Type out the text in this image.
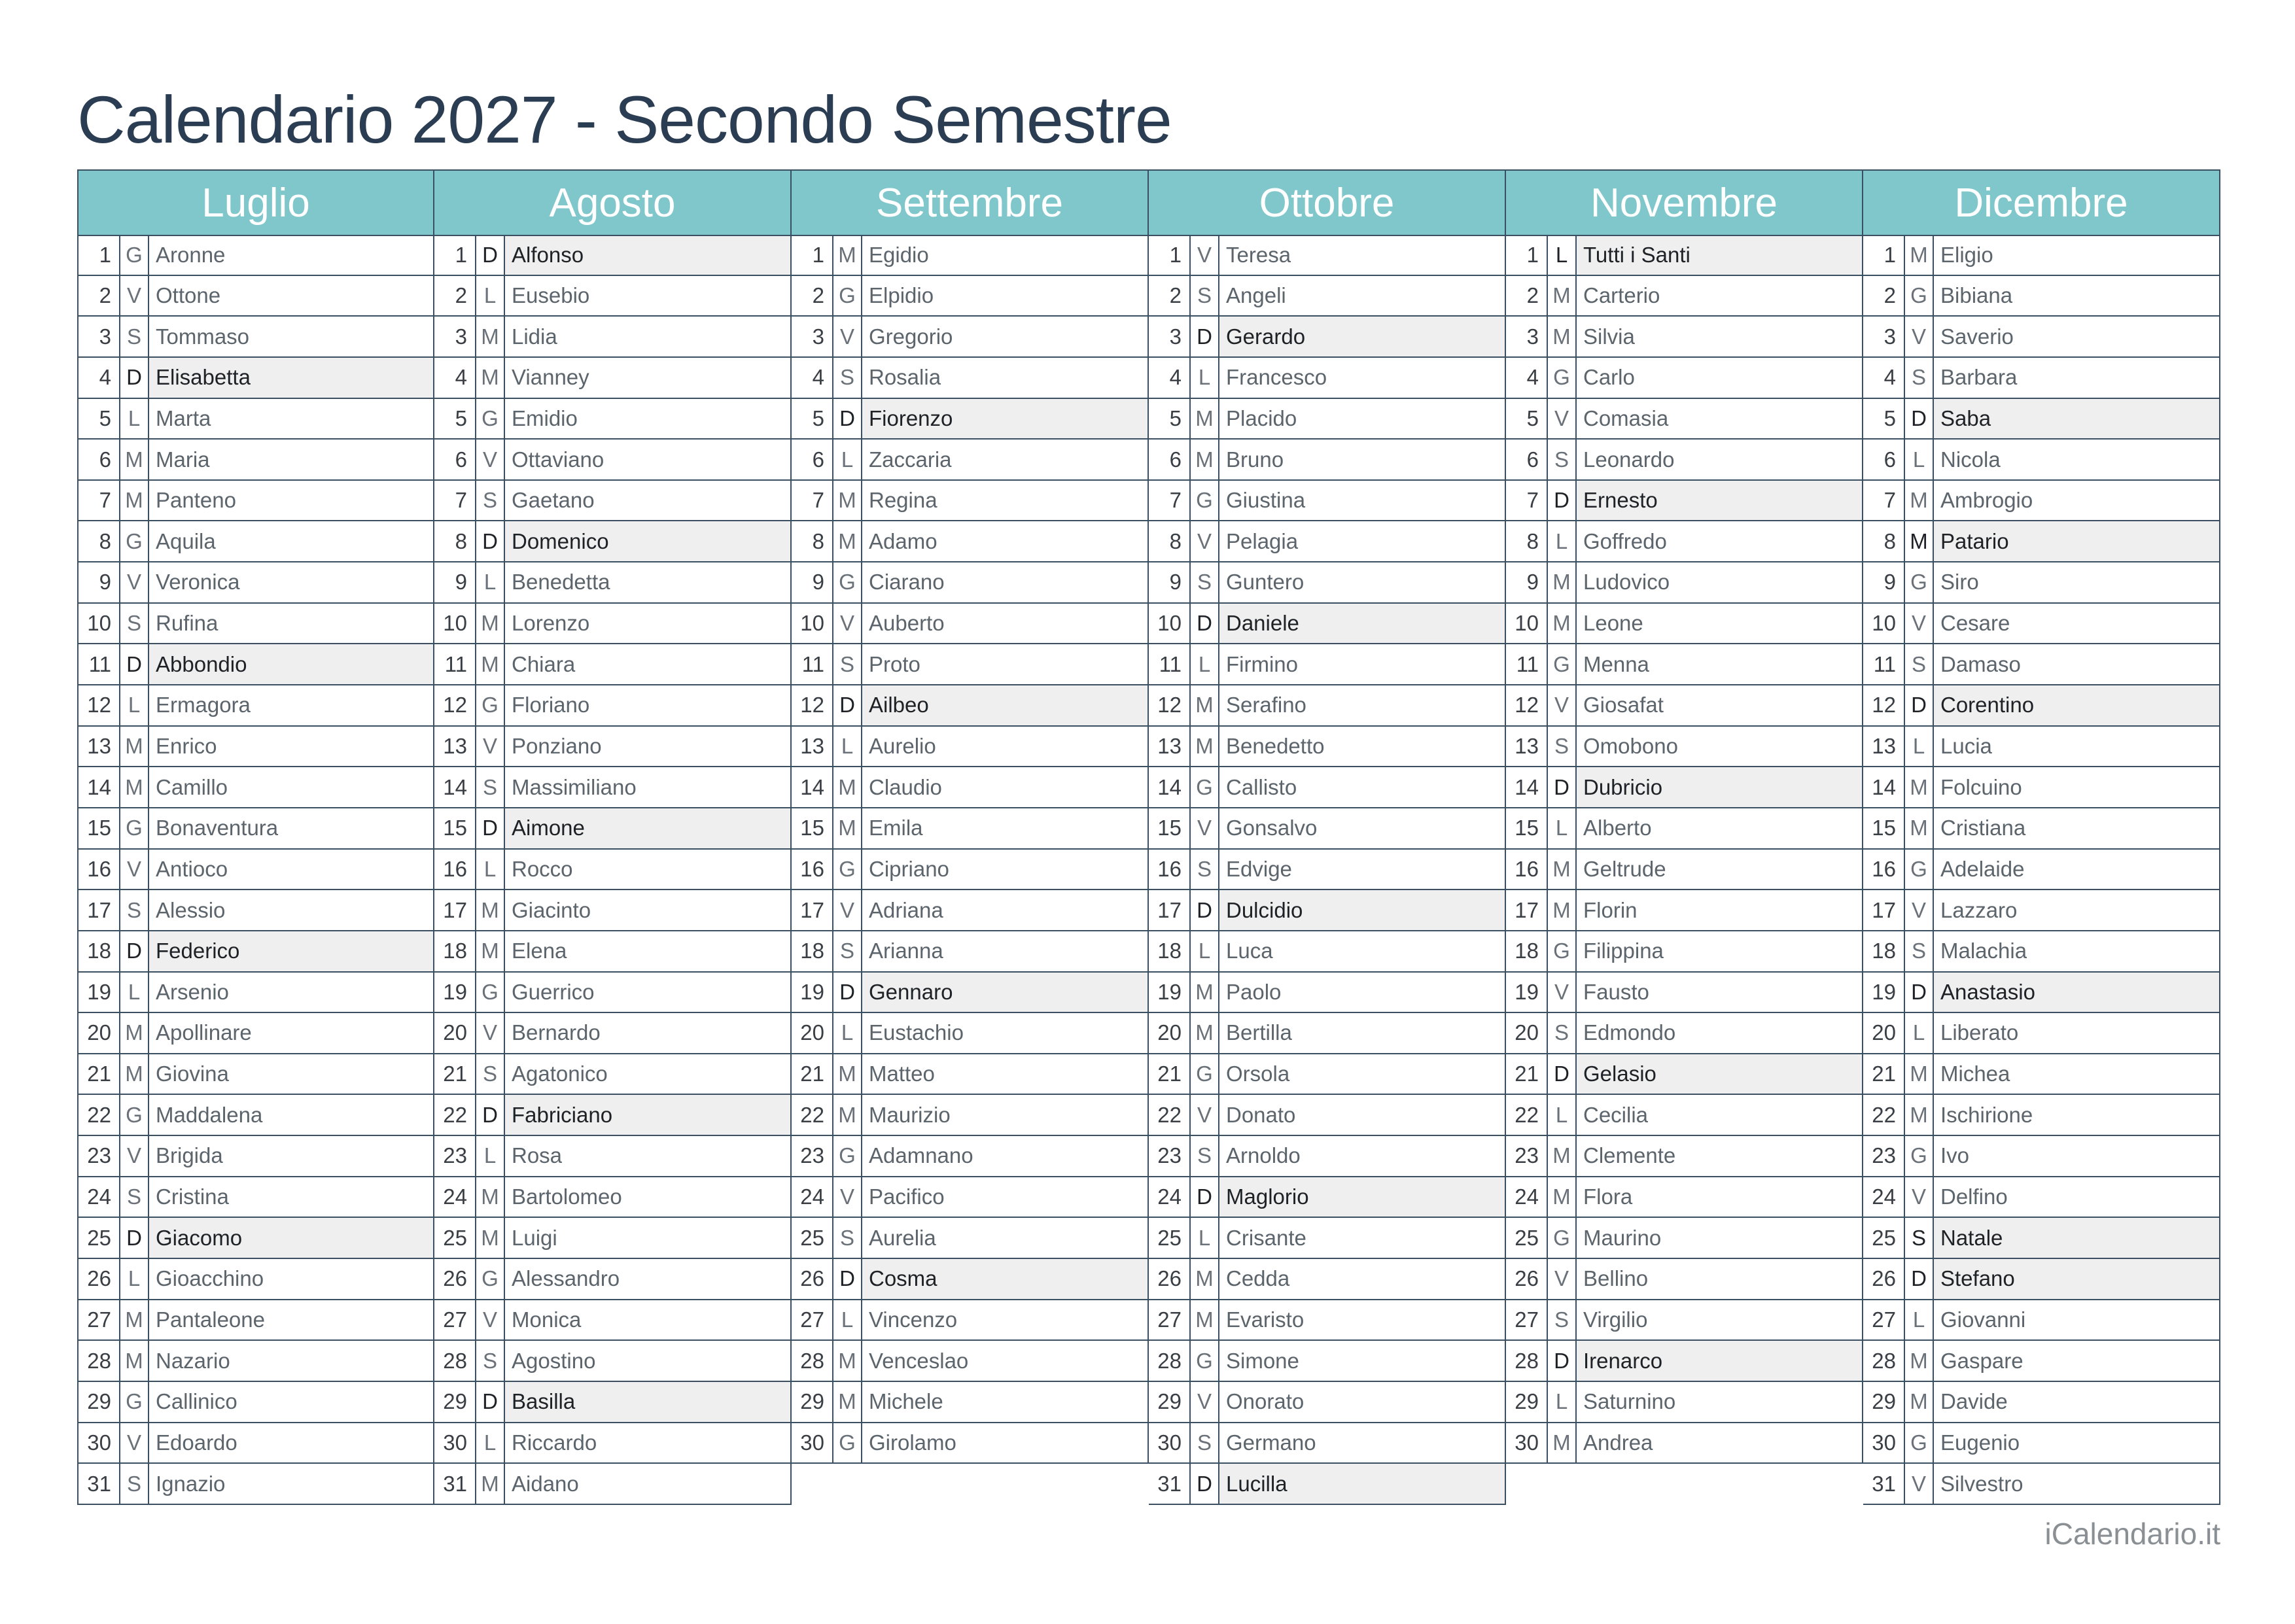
Calendario 2027 - Secondo Semestre
Luglio
1 G Aronne
2 V Ottone
3 S Tommaso
4 D Elisabetta
5 L Marta
6 M Maria
7 M Panteno
8 G Aquila
9 V Veronica
10 S Rufina
11 D Abbondio
12 L Ermagora
13 M Enrico
14 M Camillo
15 G Bonaventura
16 V Antioco
17 S Alessio
18 D Federico
19 L Arsenio
20 M Apollinare
21 M Giovina
22 G Maddalena
23 V Brigida
24 S Cristina
25 D Giacomo
26 L Gioacchino
27 M Pantaleone
28 M Nazario
29 G Callinico
30 V Edoardo
31 S Ignazio
Agosto
1 D Alfonso
2 L Eusebio
3 M Lidia
4 M Vianney
5 G Emidio
6 V Ottaviano
7 S Gaetano
8 D Domenico
9 L Benedetta
10 M Lorenzo
11 M Chiara
12 G Floriano
13 V Ponziano
14 S Massimiliano
15 D Aimone
16 L Rocco
17 M Giacinto
18 M Elena
19 G Guerrico
20 V Bernardo
21 S Agatonico
22 D Fabriciano
23 L Rosa
24 M Bartolomeo
25 M Luigi
26 G Alessandro
27 V Monica
28 S Agostino
29 D Basilla
30 L Riccardo
31 M Aidano
Settembre
1 M Egidio
2 G Elpidio
3 V Gregorio
4 S Rosalia
5 D Fiorenzo
6 L Zaccaria
7 M Regina
8 M Adamo
9 G Ciarano
10 V Auberto
11 S Proto
12 D Ailbeo
13 L Aurelio
14 M Claudio
15 M Emila
16 G Cipriano
17 V Adriana
18 S Arianna
19 D Gennaro
20 L Eustachio
21 M Matteo
22 M Maurizio
23 G Adamnano
24 V Pacifico
25 S Aurelia
26 D Cosma
27 L Vincenzo
28 M Venceslao
29 M Michele
30 G Girolamo
Ottobre
1 V Teresa
2 S Angeli
3 D Gerardo
4 L Francesco
5 M Placido
6 M Bruno
7 G Giustina
8 V Pelagia
9 S Guntero
10 D Daniele
11 L Firmino
12 M Serafino
13 M Benedetto
14 G Callisto
15 V Gonsalvo
16 S Edvige
17 D Dulcidio
18 L Luca
19 M Paolo
20 M Bertilla
21 G Orsola
22 V Donato
23 S Arnoldo
24 D Maglorio
25 L Crisante
26 M Cedda
27 M Evaristo
28 G Simone
29 V Onorato
30 S Germano
31 D Lucilla
Novembre
1 L Tutti i Santi
2 M Carterio
3 M Silvia
4 G Carlo
5 V Comasia
6 S Leonardo
7 D Ernesto
8 L Goffredo
9 M Ludovico
10 M Leone
11 G Menna
12 V Giosafat
13 S Omobono
14 D Dubricio
15 L Alberto
16 M Geltrude
17 M Florin
18 G Filippina
19 V Fausto
20 S Edmondo
21 D Gelasio
22 L Cecilia
23 M Clemente
24 M Flora
25 G Maurino
26 V Bellino
27 S Virgilio
28 D Irenarco
29 L Saturnino
30 M Andrea
Dicembre
1 M Eligio
2 G Bibiana
3 V Saverio
4 S Barbara
5 D Saba
6 L Nicola
7 M Ambrogio
8 M Patario
9 G Siro
10 V Cesare
11 S Damaso
12 D Corentino
13 L Lucia
14 M Folcuino
15 M Cristiana
16 G Adelaide
17 V Lazzaro
18 S Malachia
19 D Anastasio
20 L Liberato
21 M Michea
22 M Ischirione
23 G Ivo
24 V Delfino
25 S Natale
26 D Stefano
27 L Giovanni
28 M Gaspare
29 M Davide
30 G Eugenio
31 V Silvestro
iCalendario.it
